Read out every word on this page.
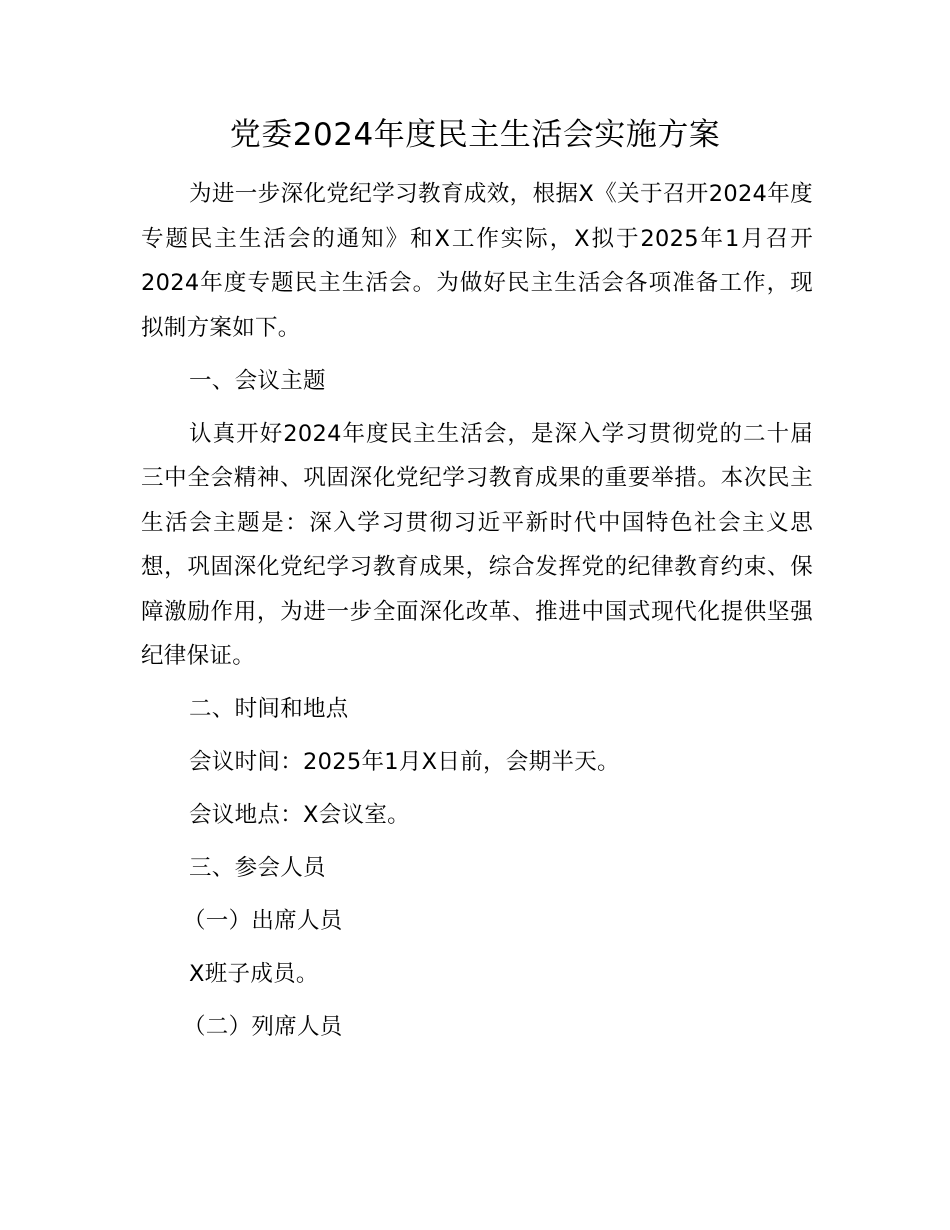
党委2024年度民主生活会实施方案

为进一步深化党纪学习教育成效，根据X《关于召开2024年度专题民主生活会的通知》和X工作实际，X拟于2025年1月召开2024年度专题民主生活会。为做好民主生活会各项准备工作，现拟制方案如下。

一、会议主题

认真开好2024年度民主生活会，是深入学习贯彻党的二十届三中全会精神、巩固深化党纪学习教育成果的重要举措。本次民主生活会主题是：深入学习贯彻习近平新时代中国特色社会主义思想，巩固深化党纪学习教育成果，综合发挥党的纪律教育约束、保障激励作用，为进一步全面深化改革、推进中国式现代化提供坚强纪律保证。

二、时间和地点

会议时间：2025年1月X日前，会期半天。

会议地点：X会议室。

三、参会人员

（一）出席人员

X班子成员。

（二）列席人员
